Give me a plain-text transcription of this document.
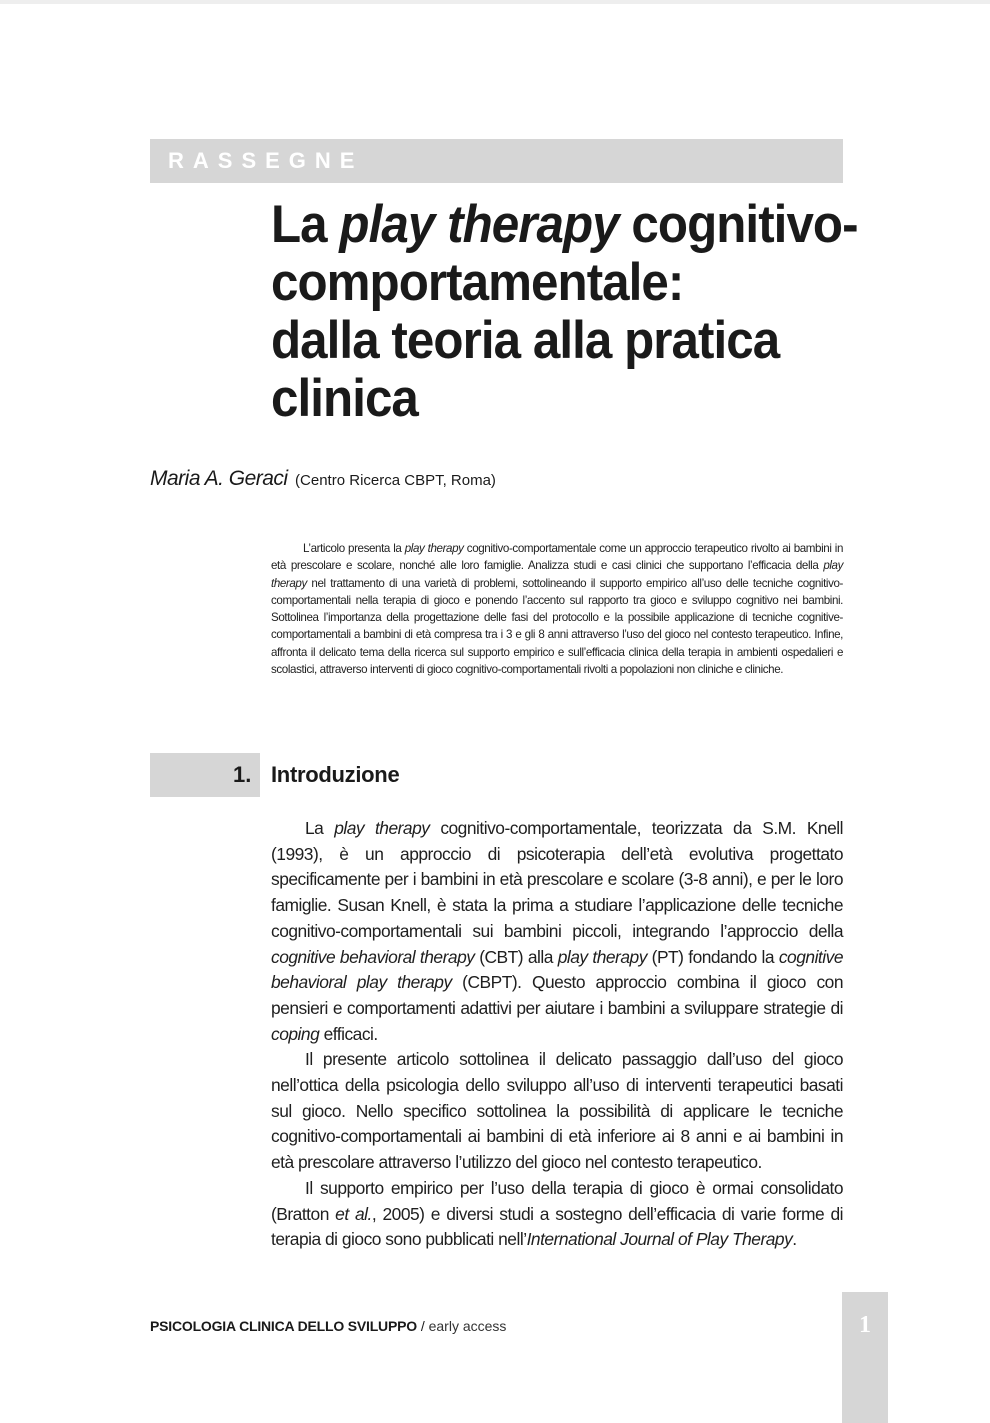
RASSEGNE
La play therapy cognitivo-
comportamentale:
dalla teoria alla pratica
clinica
Maria A. Geraci (Centro Ricerca CBPT, Roma)

L’articolo presenta la play therapy cognitivo-comportamentale come un approccio terapeutico rivolto ai bambini in età prescolare e scolare, nonché alle loro famiglie. Analizza studi e casi clinici che supportano l’efficacia della play therapy nel trattamento di una varietà di problemi, sottolineando il supporto empirico all’uso delle tecniche cognitivo-comportamentali nella terapia di gioco e ponendo l’accento sul rapporto tra gioco e sviluppo cognitivo nei bambini. Sottolinea l’importanza della progettazione delle fasi del protocollo e la possibile applicazione di tecniche cognitive-comportamentali a bambini di età compresa tra i 3 e gli 8 anni attraverso l’uso del gioco nel contesto terapeutico. Infine, affronta il delicato tema della ricerca sul supporto empirico e sull’efficacia clinica della terapia in ambienti ospedalieri e scolastici, attraverso interventi di gioco cognitivo-comportamentali rivolti a popolazioni non cliniche e cliniche.

1. Introduzione

La play therapy cognitivo-comportamentale, teorizzata da S.M. Knell (1993), è un approccio di psicoterapia dell’età evolutiva progettato specificamente per i bambini in età prescolare e scolare (3-8 anni), e per le loro famiglie. Susan Knell, è stata la prima a studiare l’applicazione delle tecniche cognitivo-comportamentali sui bambini piccoli, integrando l’approccio della cognitive behavioral therapy (CBT) alla play therapy (PT) fondando la cognitive behavioral play therapy (CBPT). Questo approccio combina il gioco con pensieri e comportamenti adattivi per aiutare i bambini a sviluppare strategie di coping efficaci.

Il presente articolo sottolinea il delicato passaggio dall’uso del gioco nell’ottica della psicologia dello sviluppo all’uso di interventi terapeutici basati sul gioco. Nello specifico sottolinea la possibilità di applicare le tecniche cognitivo-comportamentali ai bambini di età inferiore ai 8 anni e ai bambini in età prescolare attraverso l’utilizzo del gioco nel contesto terapeutico.

Il supporto empirico per l’uso della terapia di gioco è ormai consolidato (Bratton et al., 2005) e diversi studi a sostegno dell’efficacia di varie forme di terapia di gioco sono pubblicati nell’International Journal of Play Therapy.

PSICOLOGIA CLINICA DELLO SVILUPPO / early access	1
